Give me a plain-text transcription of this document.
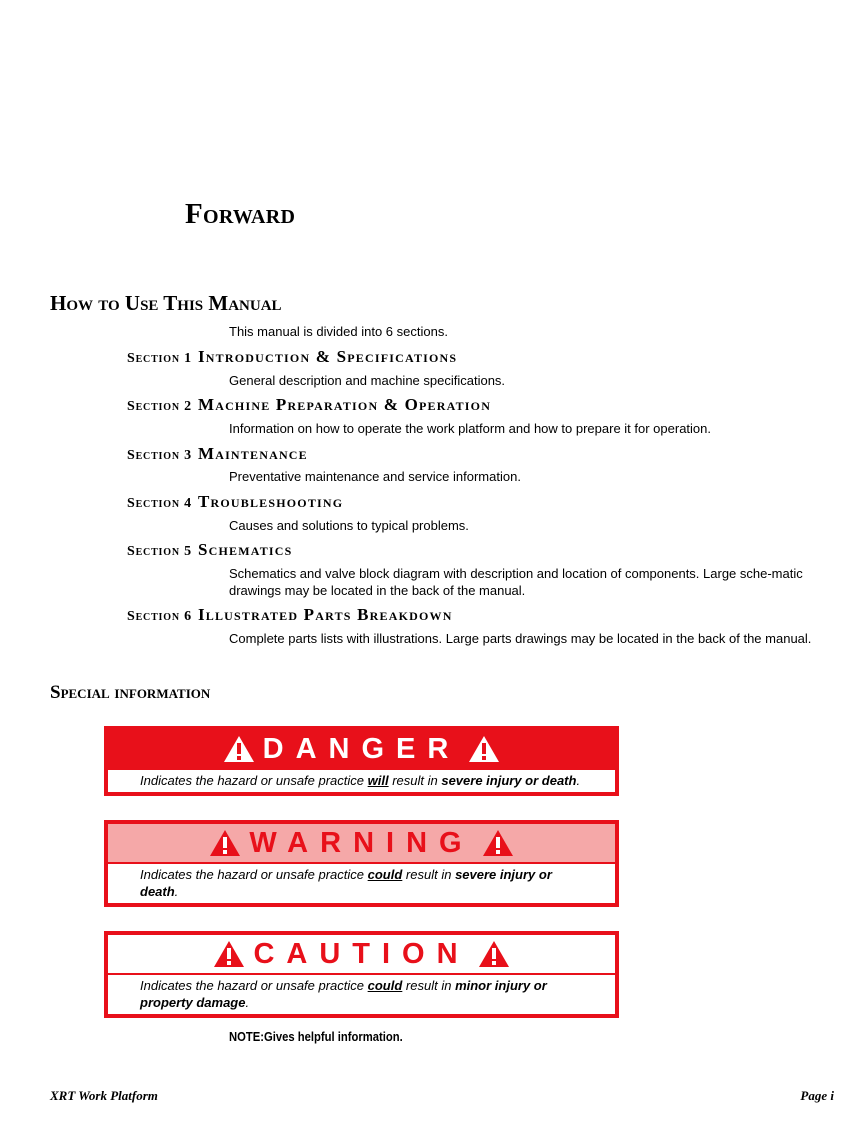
Forward
How to Use This Manual
This manual is divided into 6 sections.
Section 1 Introduction & Specifications
General description and machine specifications.
Section 2 Machine Preparation & Operation
Information on how to operate the work platform and how to prepare it for operation.
Section 3 Maintenance
Preventative maintenance and service information.
Section 4 Troubleshooting
Causes and solutions to typical problems.
Section 5 Schematics
Schematics and valve block diagram with description and location of components. Large sche-matic drawings may be located in the back of the manual.
Section 6 Illustrated Parts Breakdown
Complete parts lists with illustrations. Large parts drawings may be located in the back of the manual.
Special information
DANGER
Indicates the hazard or unsafe practice will result in severe injury or death.
WARNING
Indicates the hazard or unsafe practice could result in severe injury or death.
CAUTION
Indicates the hazard or unsafe practice could result in minor injury or property damage.
NOTE:Gives helpful information.
XRT Work Platform	Page i
